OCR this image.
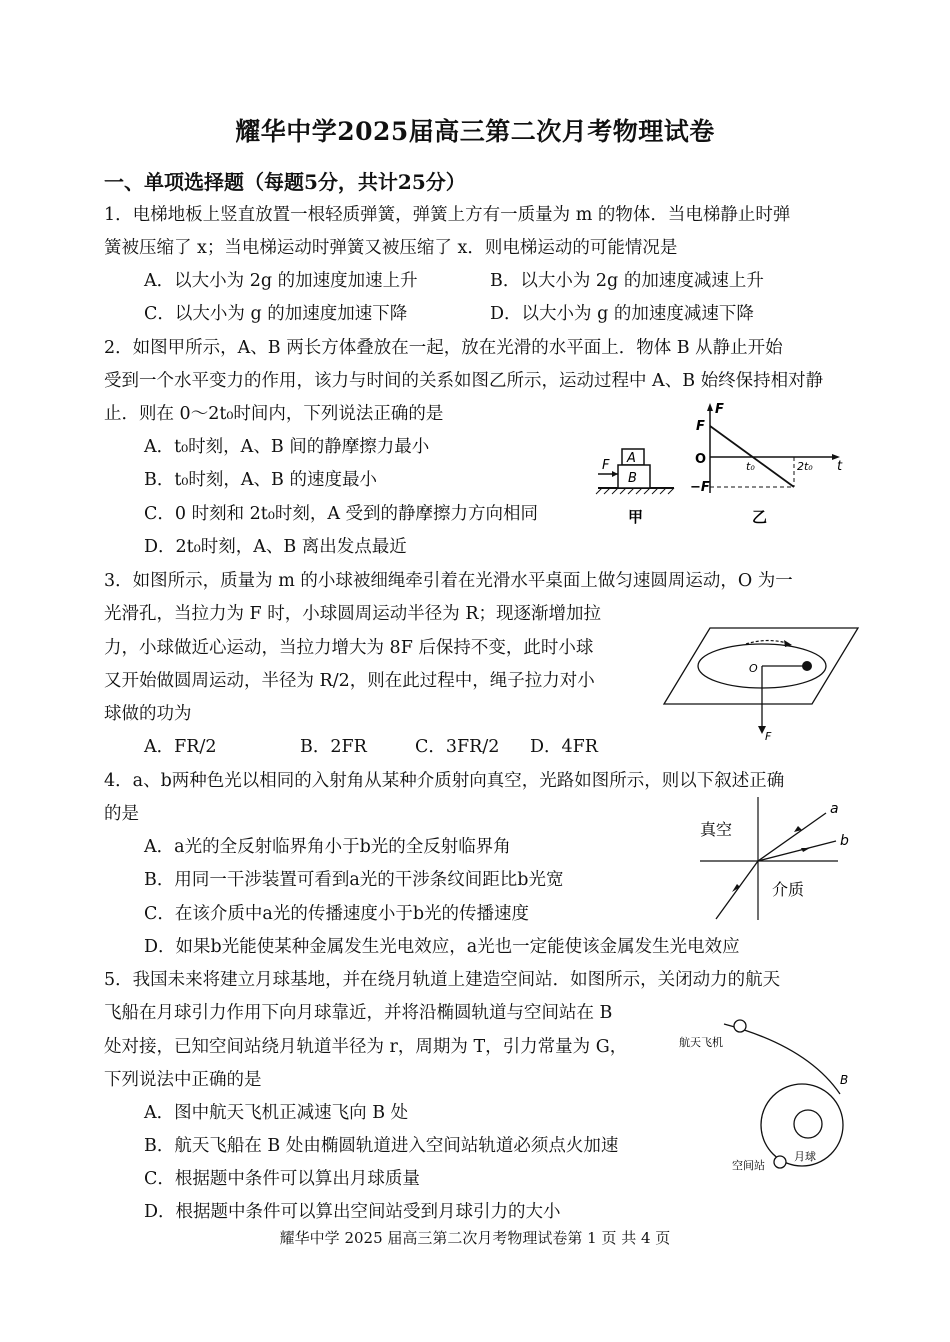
耀华中学2025届高三第二次月考物理试卷
一、单项选择题（每题5分，共计25分）
1．电梯地板上竖直放置一根轻质弹簧，弹簧上方有一质量为 m 的物体．当电梯静止时弹
簧被压缩了 x；当电梯运动时弹簧又被压缩了 x．则电梯运动的可能情况是
A．以大小为 2g 的加速度加速上升	B．以大小为 2g 的加速度减速上升
C．以大小为 g 的加速度加速下降	D．以大小为 g 的加速度减速下降
2．如图甲所示，A、B 两长方体叠放在一起，放在光滑的水平面上．物体 B 从静止开始
受到一个水平变力的作用，该力与时间的关系如图乙所示，运动过程中 A、B 始终保持相对静
止．则在 0～2t₀时间内，下列说法正确的是
A．t₀时刻，A、B 间的静摩擦力最小
B．t₀时刻，A、B 的速度最小
C．0 时刻和 2t₀时刻，A 受到的静摩擦力方向相同
D．2t₀时刻，A、B 离出发点最近
A
B
F
甲
F
F
O	t₀	2t₀ t
−F
乙
3．如图所示，质量为 m 的小球被细绳牵引着在光滑水平桌面上做匀速圆周运动，O 为一
光滑孔，当拉力为 F 时，小球圆周运动半径为 R；现逐渐增加拉
力，小球做近心运动，当拉力增大为 8F 后保持不变，此时小球
又开始做圆周运动，半径为 R/2，则在此过程中，绳子拉力对小
球做的功为
A．FR/2	B．2FR	C．3FR/2 D．4FR
O
F
4．a、b两种色光以相同的入射角从某种介质射向真空，光路如图所示，则以下叙述正确
的是
A．a光的全反射临界角小于b光的全反射临界角
B．用同一干涉装置可看到a光的干涉条纹间距比b光宽
C．在该介质中a光的传播速度小于b光的传播速度
D．如果b光能使某种金属发生光电效应，a光也一定能使该金属发生光电效应
真空
介质
a
b
5．我国未来将建立月球基地，并在绕月轨道上建造空间站．如图所示，关闭动力的航天
飞船在月球引力作用下向月球靠近，并将沿椭圆轨道与空间站在 B
处对接，已知空间站绕月轨道半径为 r，周期为 T，引力常量为 G，
下列说法中正确的是
A．图中航天飞机正减速飞向 B 处
B．航天飞船在 B 处由椭圆轨道进入空间站轨道必须点火加速
C．根据题中条件可以算出月球质量
D．根据题中条件可以算出空间站受到月球引力的大小
航天飞机
B
月球
空间站
耀华中学 2025 届高三第二次月考物理试卷第 1 页 共 4 页
